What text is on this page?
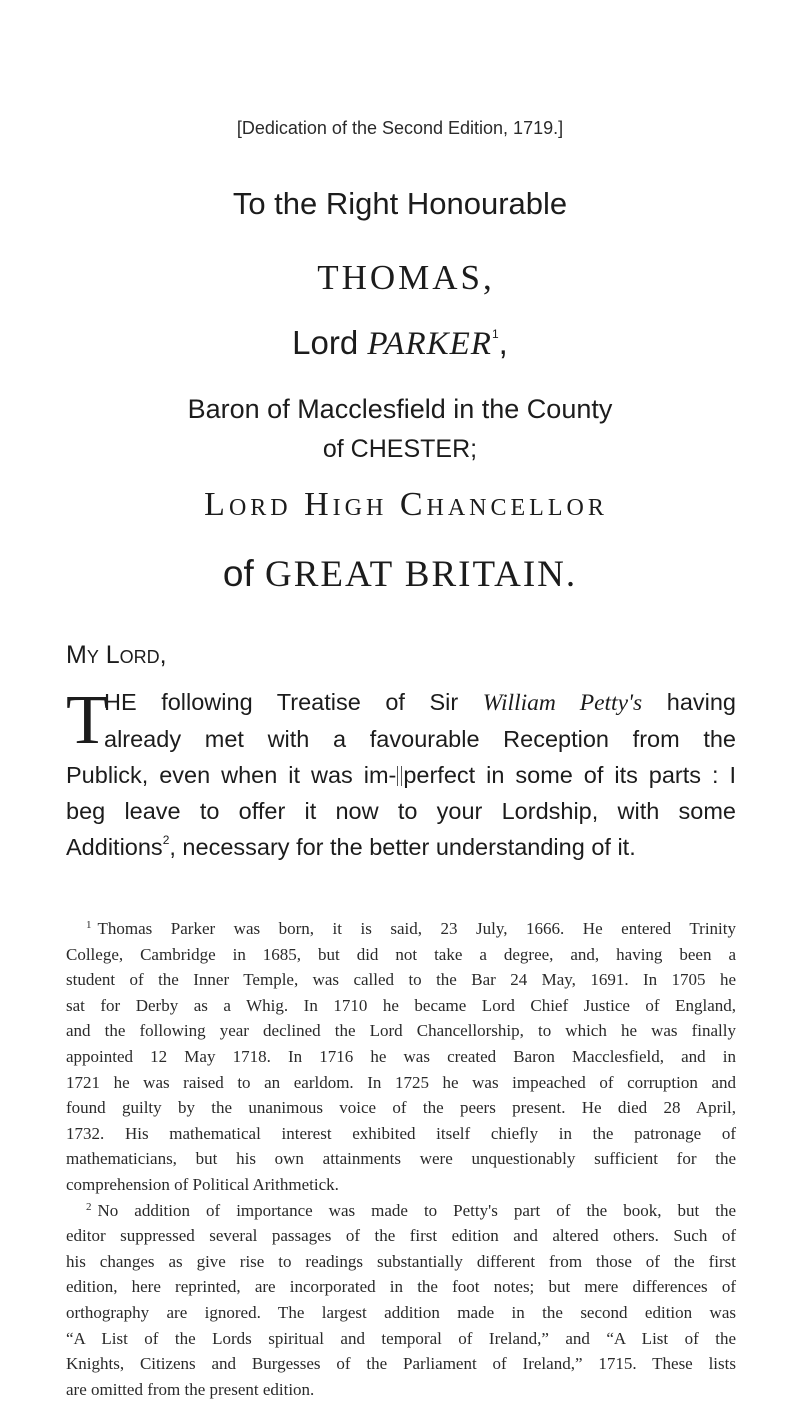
[Dedication of the Second Edition, 1719.]
To the Right Honourable
THOMAS,
Lord PARKER$^1$,
Baron of Macclesfield in the County
of CHESTER;
Lord High Chancellor
of GREAT BRITAIN.
My Lord,
T
HE following Treatise of Sir William Petty's having
already met with a favourable Reception from the
Publick, even when it was im- perfect in some of its parts : I
beg leave to offer it now to your Lordship, with some
Additions$^2$, necessary for the better understanding of it.
$^1$ Thomas Parker was born, it is said, 23 July, 1666. He entered Trinity
College, Cambridge in 1685, but did not take a degree, and, having been a
student of the Inner Temple, was called to the Bar 24 May, 1691. In 1705 he
sat for Derby as a Whig. In 1710 he became Lord Chief Justice of England,
and the following year declined the Lord Chancellorship, to which he was finally
appointed 12 May 1718. In 1716 he was created Baron Macclesfield, and in
1721 he was raised to an earldom. In 1725 he was impeached of corruption and
found guilty by the unanimous voice of the peers present. He died 28 April,
1732. His mathematical interest exhibited itself chiefly in the patronage of
mathematicians, but his own attainments were unquestionably sufficient for the
comprehension of Political Arithmetick.
$^2$ No addition of importance was made to Petty's part of the book, but the
editor suppressed several passages of the first edition and altered others. Such of
his changes as give rise to readings substantially different from those of the first
edition, here reprinted, are incorporated in the foot notes; but mere differences of
orthography are ignored. The largest addition made in the second edition was
“A List of the Lords spiritual and temporal of Ireland,” and “A List of the
Knights, Citizens and Burgesses of the Parliament of Ireland,” 1715. These lists
are omitted from the present edition.
